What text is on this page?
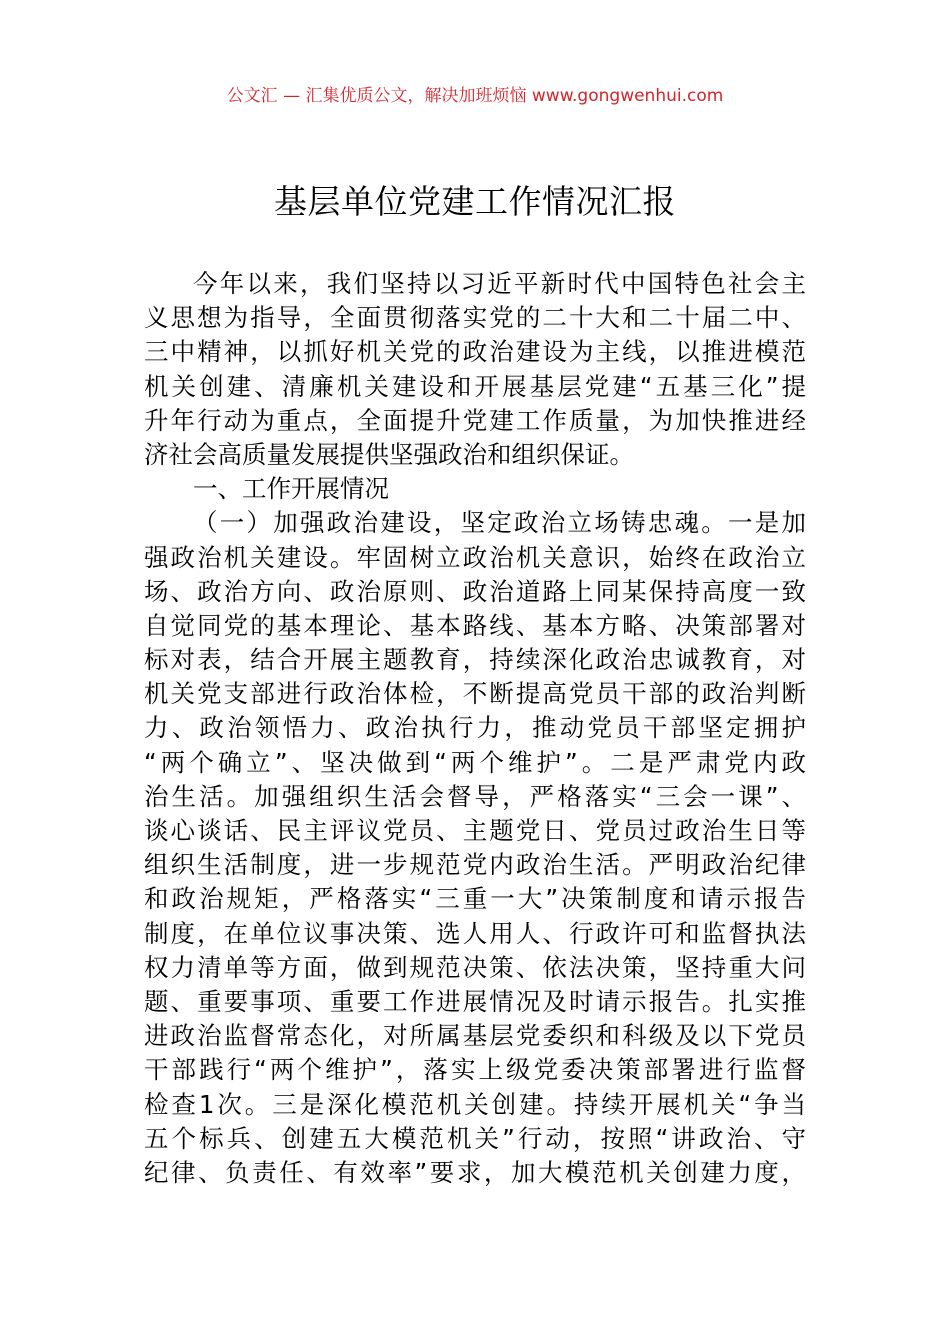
公文汇 — 汇集优质公文，解决加班烦恼 www.gongwenhui.com
基层单位党建工作情况汇报
今年以来，我们坚持以习近平新时代中国特色社会主
义思想为指导，全面贯彻落实党的二十大和二十届二中、
三中精神，以抓好机关党的政治建设为主线，以推进模范
机关创建、清廉机关建设和开展基层党建“五基三化”提
升年行动为重点，全面提升党建工作质量，为加快推进经
济社会高质量发展提供坚强政治和组织保证。
一、工作开展情况
（一）加强政治建设，坚定政治立场铸忠魂。一是加
强政治机关建设。牢固树立政治机关意识，始终在政治立
场、政治方向、政治原则、政治道路上同某保持高度一致
自觉同党的基本理论、基本路线、基本方略、决策部署对
标对表，结合开展主题教育，持续深化政治忠诚教育，对
机关党支部进行政治体检，不断提高党员干部的政治判断
力、政治领悟力、政治执行力，推动党员干部坚定拥护
“两个确立”、坚决做到“两个维护”。二是严肃党内政
治生活。加强组织生活会督导，严格落实“三会一课”、
谈心谈话、民主评议党员、主题党日、党员过政治生日等
组织生活制度，进一步规范党内政治生活。严明政治纪律
和政治规矩，严格落实“三重一大”决策制度和请示报告
制度，在单位议事决策、选人用人、行政许可和监督执法
权力清单等方面，做到规范决策、依法决策，坚持重大问
题、重要事项、重要工作进展情况及时请示报告。扎实推
进政治监督常态化，对所属基层党委织和科级及以下党员
干部践行“两个维护”，落实上级党委决策部署进行监督
检查1次。三是深化模范机关创建。持续开展机关“争当
五个标兵、创建五大模范机关”行动，按照“讲政治、守
纪律、负责任、有效率”要求，加大模范机关创建力度，
